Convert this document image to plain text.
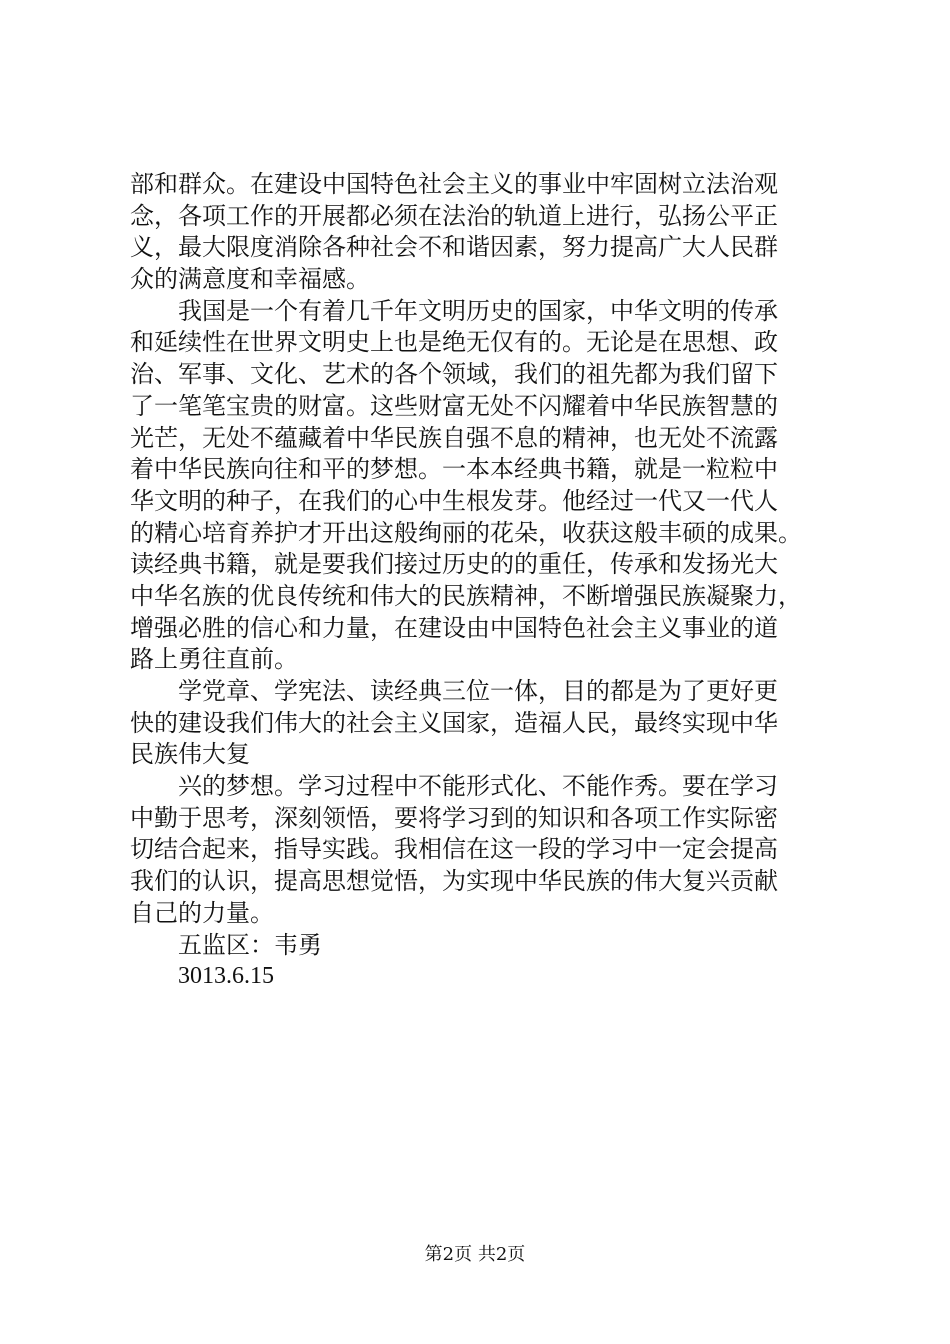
部和群众。在建设中国特色社会主义的事业中牢固树立法治观
念，各项工作的开展都必须在法治的轨道上进行，弘扬公平正
义，最大限度消除各种社会不和谐因素，努力提高广大人民群
众的满意度和幸福感。
我国是一个有着几千年文明历史的国家，中华文明的传承
和延续性在世界文明史上也是绝无仅有的。无论是在思想、政
治、军事、文化、艺术的各个领域，我们的祖先都为我们留下
了一笔笔宝贵的财富。这些财富无处不闪耀着中华民族智慧的
光芒，无处不蕴藏着中华民族自强不息的精神，也无处不流露
着中华民族向往和平的梦想。一本本经典书籍，就是一粒粒中
华文明的种子，在我们的心中生根发芽。他经过一代又一代人
的精心培育养护才开出这般绚丽的花朵，收获这般丰硕的成果。
读经典书籍，就是要我们接过历史的的重任，传承和发扬光大
中华名族的优良传统和伟大的民族精神，不断增强民族凝聚力，
增强必胜的信心和力量，在建设由中国特色社会主义事业的道
路上勇往直前。
学党章、学宪法、读经典三位一体，目的都是为了更好更
快的建设我们伟大的社会主义国家，造福人民，最终实现中华
民族伟大复
兴的梦想。学习过程中不能形式化、不能作秀。要在学习
中勤于思考，深刻领悟，要将学习到的知识和各项工作实际密
切结合起来，指导实践。我相信在这一段的学习中一定会提高
我们的认识，提高思想觉悟，为实现中华民族的伟大复兴贡献
自己的力量。
五监区：韦勇
3013.6.15
第2页 共2页
